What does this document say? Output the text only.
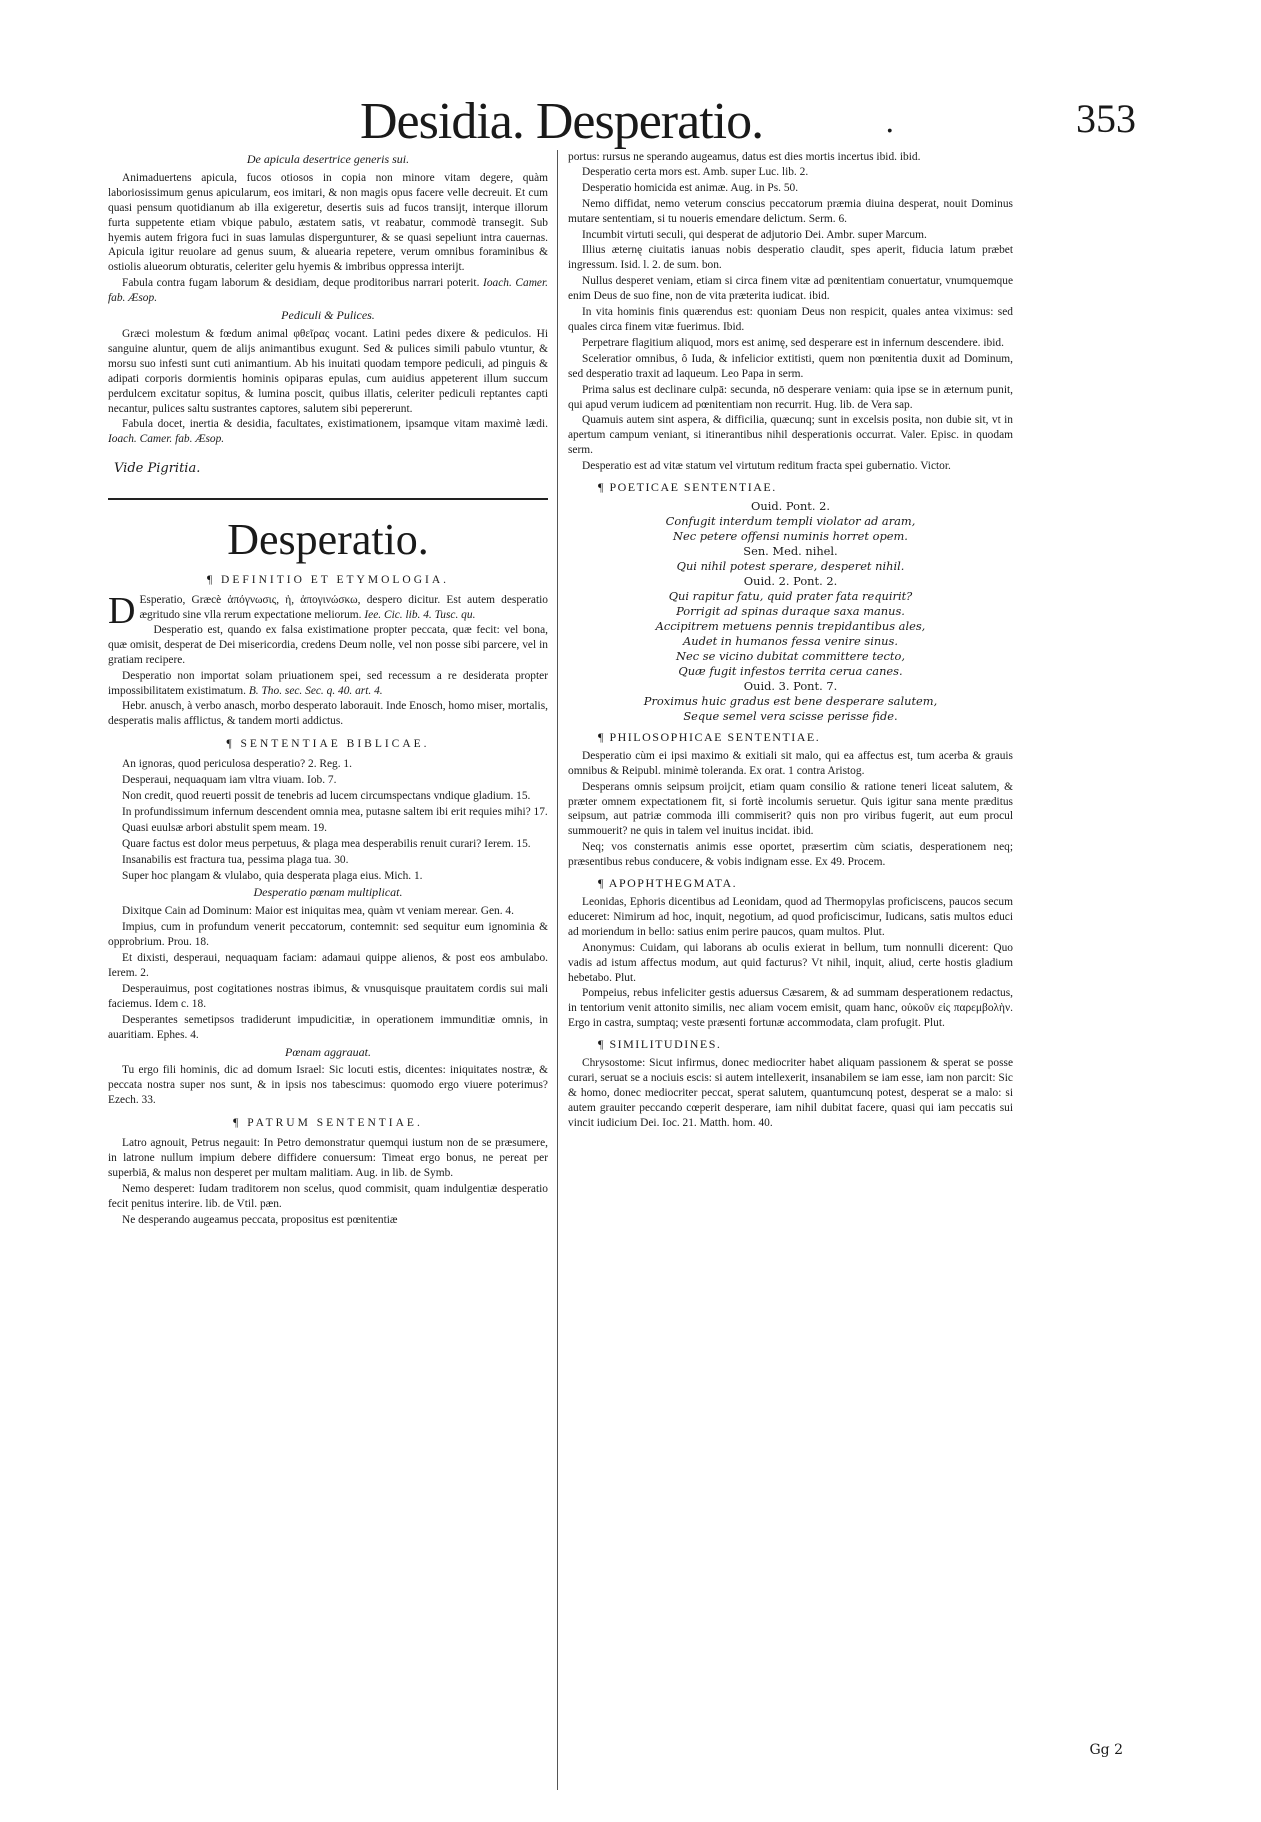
Desidia. Desperatio.	.	353

De apicula desertrice generis sui.

Animaduertens apicula, fucos otiosos in copia non minore vitam degere, quàm laboriosissimum genus apicularum, eos imitari, & non magis opus facere velle decreuit. Et cum quasi pensum quotidianum ab illa exigeretur, desertis suis ad fucos transijt, interque illorum furta suppetente etiam vbique pabulo, æstatem satis, vt reabatur, commodè transegit. Sub hyemis autem frigora fuci in suas lamulas dispergunturer, & se quasi sepeliunt intra cauernas. Apicula igitur reuolare ad genus suum, & aluearia repetere, verum omnibus foraminibus & ostiolis alueorum obturatis, celeriter gelu hyemis & imbribus oppressa interijt.

Fabula contra fugam laborum & desidiam, deque proditoribus narrari poterit. Ioach. Camer. fab. Æsop.

Pediculi & Pulices.

Græci molestum & fœdum animal φθεῖρας vocant. Latini pedes dixere & pediculos. Hi sanguine aluntur, quem de alijs animantibus exugunt. Sed & pulices simili pabulo vtuntur, & morsu suo infesti sunt cuti animantium. Ab his inuitati quodam tempore pediculi, ad pinguis & adipati corporis dormientis hominis opiparas epulas, cum auidius appeterent illum succum perdulcem excitatur sopitus, & lumina poscit, quibus illatis, celeriter pediculi reptantes capti necantur, pulices saltu sustrantes captores, salutem sibi pepererunt.

Fabula docet, inertia & desidia, facultates, existimationem, ipsamque vitam maximè lædi. Ioach. Camer. fab. Æsop.

Vide Pigritia.

Desperatio.

¶ DEFINITIO ET ETYMOLOGIA.

D Esperatio, Græcè ἀπόγνωσις, ἡ, ἀπογινώσκω, despero dicitur. Est autem desperatio ægritudo sine vlla rerum expectatione meliorum. Iee. Cic. lib. 4. Tusc. qu.

Desperatio est, quando ex falsa existimatione propter peccata, quæ fecit: vel bona, quæ omisit, desperat de Dei misericordia, credens Deum nolle, vel non posse sibi parcere, vel in gratiam recipere.

Desperatio non importat solam priuationem spei, sed recessum a re desiderata propter impossibilitatem existimatum. B. Tho. sec. Sec. q. 40. art. 4.

Hebr. anusch, à verbo anasch, morbo desperato laborauit. Inde Enosch, homo miser, mortalis, desperatis malis afflictus, & tandem morti addictus.

¶ SENTENTIAE BIBLICAE.

An ignoras, quod periculosa desperatio? 2. Reg. 1.

Desperaui, nequaquam iam vltra viuam. Iob. 7.

Non credit, quod reuerti possit de tenebris ad lucem circumspectans vndique gladium. 15.

In profundissimum infernum descendent omnia mea, putasne saltem ibi erit requies mihi? 17.

Quasi euulsæ arbori abstulit spem meam. 19.

Quare factus est dolor meus perpetuus, & plaga mea desperabilis renuit curari? Ierem. 15.

Insanabilis est fractura tua, pessima plaga tua. 30.

Super hoc plangam & vlulabo, quia desperata plaga eius. Mich. 1.

Desperatio pœnam multiplicat.

Dixitque Cain ad Dominum: Maior est iniquitas mea, quàm vt veniam merear. Gen. 4.

Impius, cum in profundum venerit peccatorum, contemnit: sed sequitur eum ignominia & opprobrium. Prou. 18.

Et dixisti, desperaui, nequaquam faciam: adamaui quippe alienos, & post eos ambulabo. Ierem. 2.

Desperauimus, post cogitationes nostras ibimus, & vnusquisque prauitatem cordis sui mali faciemus. Idem c. 18.

Desperantes semetipsos tradiderunt impudicitiæ, in operationem immunditiæ omnis, in auaritiam. Ephes. 4.

Pœnam aggrauat.

Tu ergo fili hominis, dic ad domum Israel: Sic locuti estis, dicentes: iniquitates nostræ, & peccata nostra super nos sunt, & in ipsis nos tabescimus: quomodo ergo viuere poterimus? Ezech. 33.

¶ PATRUM SENTENTIAE.

Latro agnouit, Petrus negauit: In Petro demonstratur quemqui iustum non de se præsumere, in latrone nullum impium debere diffidere conuersum: Timeat ergo bonus, ne pereat per superbiā, & malus non desperet per multam malitiam. Aug. in lib. de Symb.

Nemo desperet: Iudam traditorem non scelus, quod commisit, quam indulgentiæ desperatio fecit penitus interire. lib. de Vtil. pæn.

Ne desperando augeamus peccata, propositus est pœnitentiæ

portus: rursus ne sperando augeamus, datus est dies mortis incertus ibid. ibid.

Desperatio certa mors est. Amb. super Luc. lib. 2.

Desperatio homicida est animæ. Aug. in Ps. 50.

Nemo diffidat, nemo veterum conscius peccatorum præmia diuina desperat, nouit Dominus mutare sententiam, si tu noueris emendare delictum. Serm. 6.

Incumbit virtuti seculi, qui desperat de adjutorio Dei. Ambr. super Marcum.

Illius æternę ciuitatis ianuas nobis desperatio claudit, spes aperit, fiducia latum præbet ingressum. Isid. l. 2. de sum. bon.

Nullus desperet veniam, etiam si circa finem vitæ ad pœnitentiam conuertatur, vnumquemque enim Deus de suo fine, non de vita præterita iudicat. ibid.

In vita hominis finis quærendus est: quoniam Deus non respicit, quales antea viximus: sed quales circa finem vitæ fuerimus. Ibid.

Perpetrare flagitium aliquod, mors est animę, sed desperare est in infernum descendere. ibid.

Sceleratior omnibus, ô Iuda, & infelicior extitisti, quem non pœnitentia duxit ad Dominum, sed desperatio traxit ad laqueum. Leo Papa in serm.

Prima salus est declinare culpā: secunda, nō desperare veniam: quia ipse se in æternum punit, qui apud verum iudicem ad pœnitentiam non recurrit. Hug. lib. de Vera sap.

Quamuis autem sint aspera, & difficilia, quæcunq; sunt in excelsis posita, non dubie sit, vt in apertum campum veniant, si itinerantibus nihil desperationis occurrat. Valer. Episc. in quodam serm.

Desperatio est ad vitæ statum vel virtutum reditum fracta spei gubernatio. Victor.

¶ POETICAE SENTENTIAE.

Ouid. Pont. 2.

Confugit interdum templi violator ad aram,

Nec petere offensi numinis horret opem.

Sen. Med. nihel.

Qui nihil potest sperare, desperet nihil.

Ouid. 2. Pont. 2.

Qui rapitur fatu, quid prater fata requirit?

Porrigit ad spinas duraque saxa manus.

Accipitrem metuens pennis trepidantibus ales,

Audet in humanos fessa venire sinus.

Nec se vicino dubitat committere tecto,

Quæ fugit infestos territa cerua canes.

Ouid. 3. Pont. 7.

Proximus huic gradus est bene desperare salutem,

Seque semel vera scisse perisse fide.

¶ PHILOSOPHICAE SENTENTIAE.

Desperatio cùm ei ipsi maximo & exitiali sit malo, qui ea affectus est, tum acerba & grauis omnibus & Reipubl. minimè toleranda. Ex orat. 1 contra Aristog.

Desperans omnis seipsum proijcit, etiam quam consilio & ratione teneri liceat salutem, & præter omnem expectationem fit, si fortè incolumis seruetur. Quis igitur sana mente præditus seipsum, aut patriæ commoda illi commiserit? quis non pro viribus fugerit, aut eum procul summouerit? ne quis in talem vel inuitus incidat. ibid.

Neq; vos consternatis animis esse oportet, præsertim cùm sciatis, desperationem neq; præsentibus rebus conducere, & vobis indignam esse. Ex 49. Procem.

¶ APOPHTHEGMATA.

Leonidas, Ephoris dicentibus ad Leonidam, quod ad Thermopylas proficiscens, paucos secum educeret: Nimirum ad hoc, inquit, negotium, ad quod proficiscimur, Iudicans, satis multos educi ad moriendum in bello: satius enim perire paucos, quam multos. Plut.

Anonymus: Cuidam, qui laborans ab oculis exierat in bellum, tum nonnulli dicerent: Quo vadis ad istum affectus modum, aut quid facturus? Vt nihil, inquit, aliud, certe hostis gladium hebetabo. Plut.

Pompeius, rebus infeliciter gestis aduersus Cæsarem, & ad summam desperationem redactus, in tentorium venit attonito similis, nec aliam vocem emisit, quam hanc, οὐκοῦν εἰς παρεμβολὴν. Ergo in castra, sumptaq; veste præsenti fortunæ accommodata, clam profugit. Plut.

¶ SIMILITUDINES.

Chrysostome: Sicut infirmus, donec mediocriter habet aliquam passionem & sperat se posse curari, seruat se a nociuis escis: si autem intellexerit, insanabilem se iam esse, iam non parcit: Sic & homo, donec mediocriter peccat, sperat salutem, quantumcunq potest, desperat se a malo: si autem grauiter peccando cœperit desperare, iam nihil dubitat facere, quasi qui iam peccatis sui vincit iudicium Dei. Ioc. 21. Matth. hom. 40.

Gg 2
